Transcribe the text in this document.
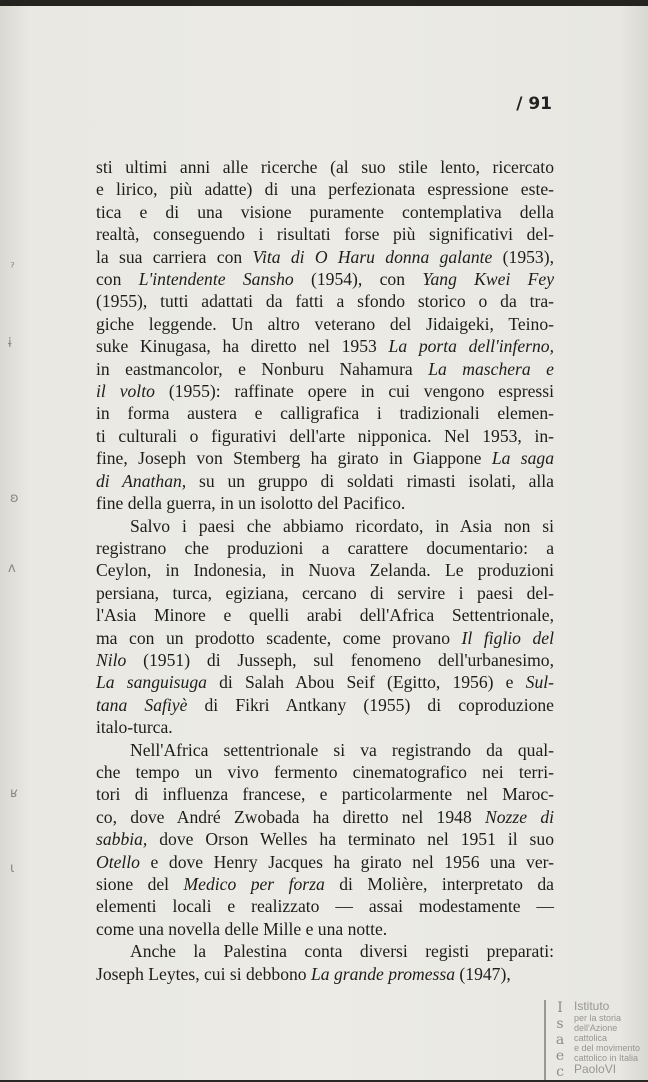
/ 91

sti ultimi anni alle ricerche (al suo stile lento, ricercato

e lirico, più adatte) di una perfezionata espressione este-

tica e di una visione puramente contemplativa della

realtà, conseguendo i risultati forse più significativi del-

la sua carriera con Vita di O Haru donna galante (1953),

con L'intendente Sansho (1954), con Yang Kwei Fey

(1955), tutti adattati da fatti a sfondo storico o da tra-

giche leggende. Un altro veterano del Jidaigeki, Teino-

suke Kinugasa, ha diretto nel 1953 La porta dell'inferno,

in eastmancolor, e Nonburu Nahamura La maschera e

il volto (1955): raffinate opere in cui vengono espressi

in forma austera e calligrafica i tradizionali elemen-

ti culturali o figurativi dell'arte nipponica. Nel 1953, in-

fine, Joseph von Stemberg ha girato in Giappone La saga

di Anathan, su un gruppo di soldati rimasti isolati, alla

fine della guerra, in un isolotto del Pacifico.

Salvo i paesi che abbiamo ricordato, in Asia non si

registrano che produzioni a carattere documentario: a

Ceylon, in Indonesia, in Nuova Zelanda. Le produzioni

persiana, turca, egiziana, cercano di servire i paesi del-

l'Asia Minore e quelli arabi dell'Africa Settentrionale,

ma con un prodotto scadente, come provano Il figlio del

Nilo (1951) di Jusseph, sul fenomeno dell'urbanesimo,

La sanguisuga di Salah Abou Seif (Egitto, 1956) e Sul-

tana Safiyè di Fikri Antkany (1955) di coproduzione

italo-turca.

Nell'Africa settentrionale si va registrando da qual-

che tempo un vivo fermento cinematografico nei terri-

tori di influenza francese, e particolarmente nel Maroc-

co, dove André Zwobada ha diretto nel 1948 Nozze di

sabbia, dove Orson Welles ha terminato nel 1951 il suo

Otello e dove Henry Jacques ha girato nel 1956 una ver-

sione del Medico per forza di Molière, interpretato da

elementi locali e realizzato — assai modestamente —

come una novella delle Mille e una notte.

Anche la Palestina conta diversi registi preparati:

Joseph Leytes, cui si debbono La grande promessa (1947),

ˀ
ɨ
ʚ
ʌ
ʁ
ι
I
s
a
e
c
Istituto
per la storia
dell'Azione cattolica
e del movimento
cattolico in Italia
PaoloVI
